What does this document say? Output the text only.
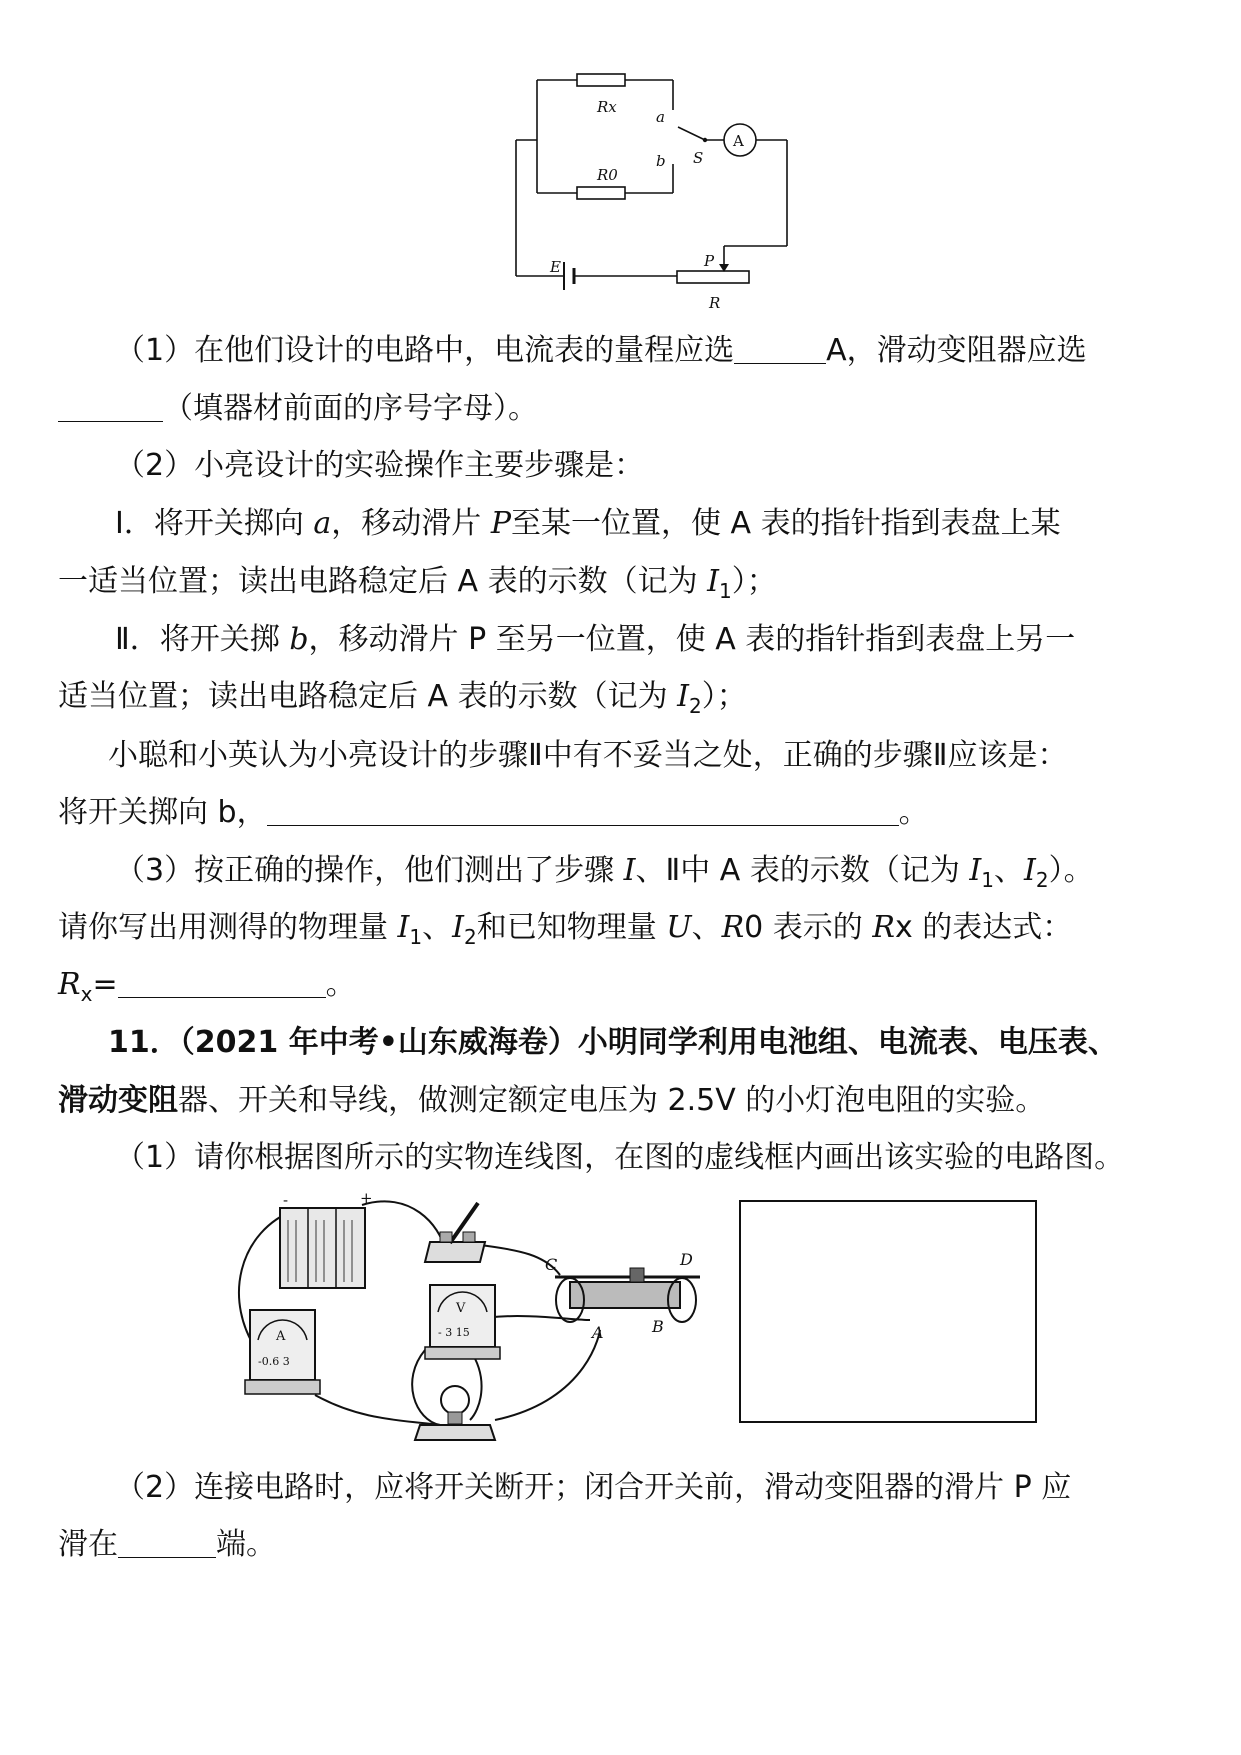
Rx
R0
a
b S
A
E	P
R
（1）在他们设计的电路中，电流表的量程应选	A，滑动变阻器应选
（填器材前面的序号字母）。
（2）小亮设计的实验操作主要步骤是：
Ⅰ．将开关掷向 a，移动滑片 P至某一位置，使 A 表的指针指到表盘上某
一适当位置；读出电路稳定后 A 表的示数（记为 $I_1$）；
Ⅱ．将开关掷 b，移动滑片 P 至另一位置，使 A 表的指针指到表盘上另一
适当位置；读出电路稳定后 A 表的示数（记为 $I_2$）；
小聪和小英认为小亮设计的步骤Ⅱ中有不妥当之处，正确的步骤Ⅱ应该是：
将开关掷向 b，	。
（3）按正确的操作，他们测出了步骤 I、Ⅱ中 A 表的示数（记为 $I_1$、$I_2$）。
请你写出用测得的物理量 $I_1$、$I_2$和已知物理量 U、R0 表示的 Rx 的表达式：
$R_x=$	。
11．（2021 年中考•山东威海卷）小明同学利用电池组、电流表、电压表、
滑动变阻器、开关和导线，做测定额定电压为 2.5V 的小灯泡电阻的实验。
（1）请你根据图所示的实物连线图，在图的虚线框内画出该实验的电路图。
-	+
C	D
A	B
A
-0.6 3
V
- 3 15
（2）连接电路时，应将开关断开；闭合开关前，滑动变阻器的滑片 P 应
滑在	端。
